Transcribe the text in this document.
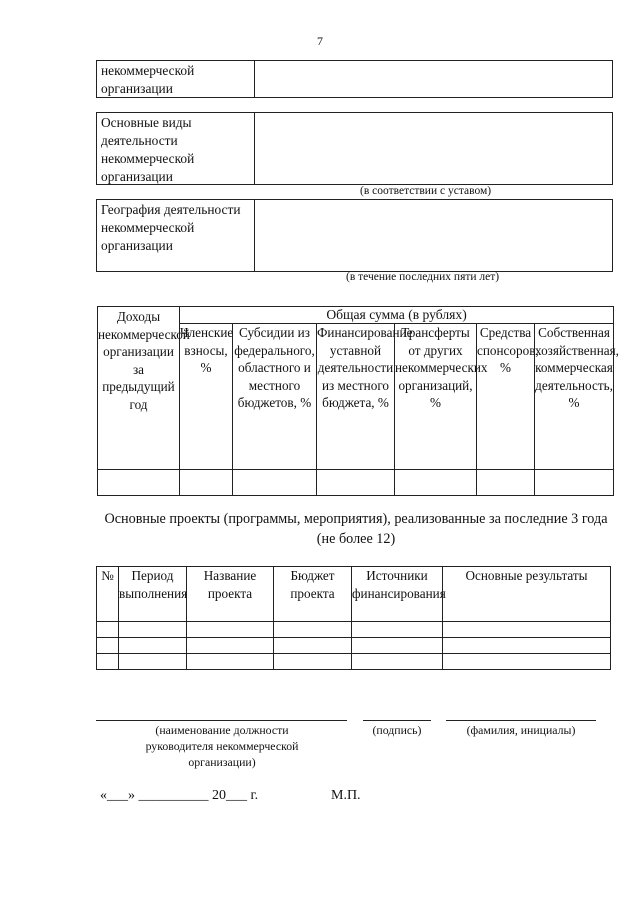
7
некоммерческой организации
Основные виды деятельности некоммерческой организации
(в соответствии с уставом)
География деятельности некоммерческой организации
(в течение последних пяти лет)
Доходы некоммерческой организации за предыдущий год	Общая сумма (в рублях)					
	Членские взносы, %	Субсидии из федерального, областного и местного бюджетов, %	Финансирование уставной деятельности из местного бюджета, %	Трансферты от других некоммерческих организаций, %	Средства спонсоров, %	Собственная хозяйственная, коммерческая деятельность, %

Основные проекты (программы, мероприятия), реализованные за последние 3 года (не более 12)
№	Период выполнения	Название проекта	Бюджет проекта	Источники финансирования	Основные результаты

(наименование должности руководителя некоммерческой организации)
(подпись)	(фамилия, инициалы)
«___» __________ 20___ г.	М.П.
